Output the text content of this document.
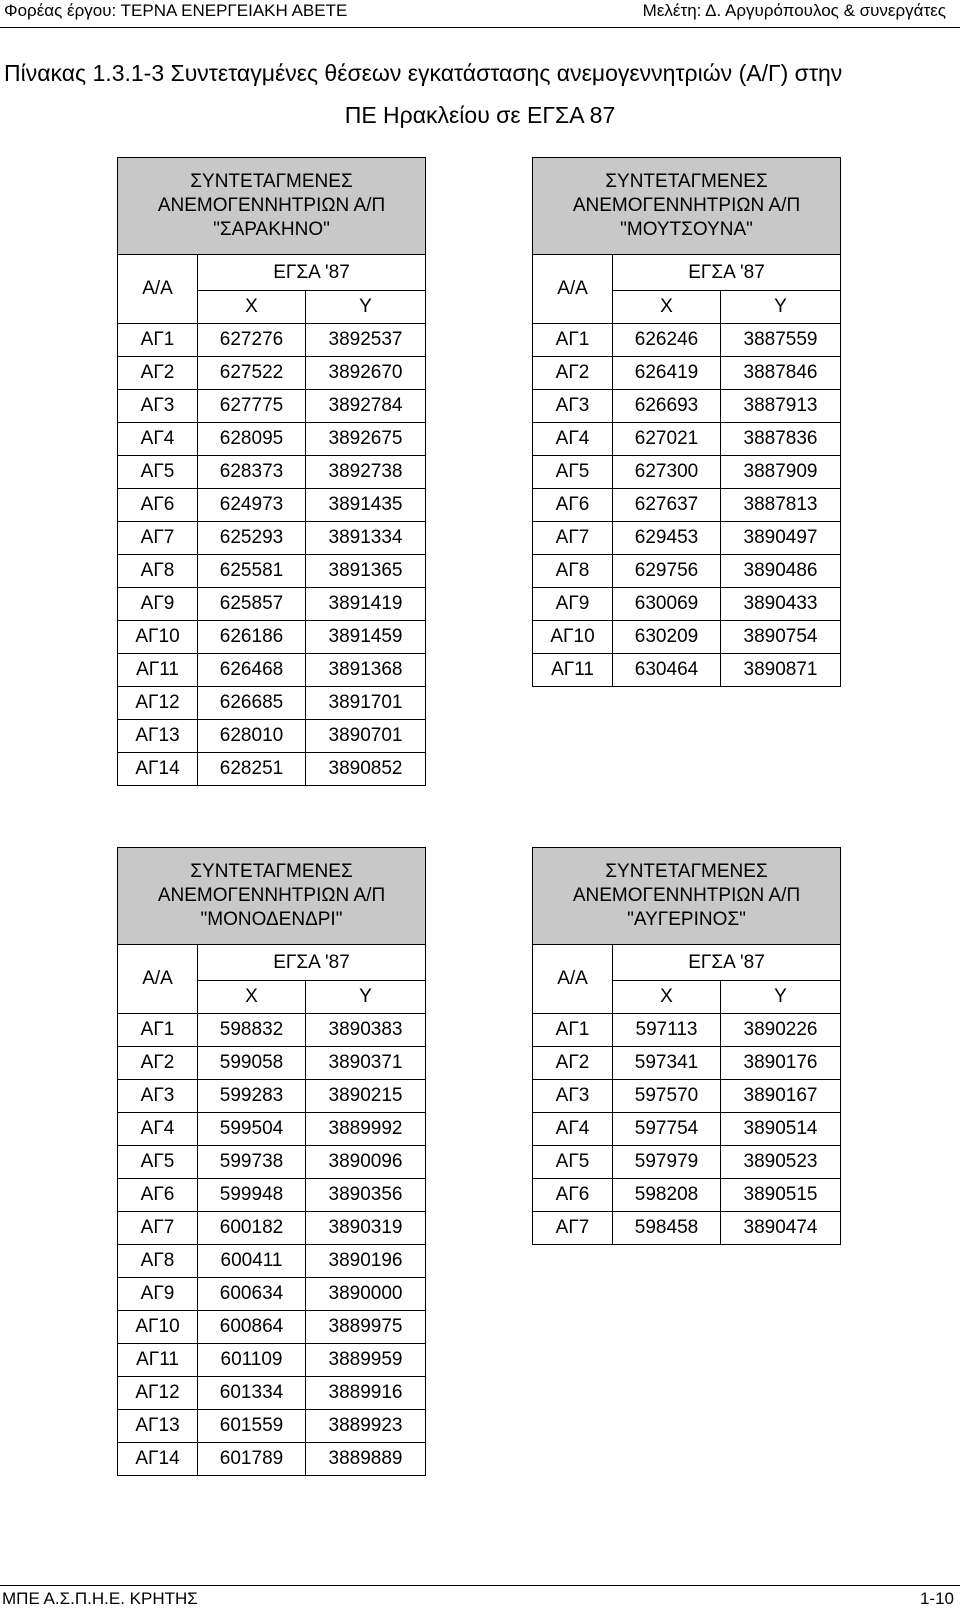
Φορέας έργου: ΤΕΡΝΑ ΕΝΕΡΓΕΙΑΚΗ ΑΒΕΤΕ	Μελέτη: Δ. Αργυρόπουλος & συνεργάτες
Πίνακας 1.3.1-3 Συντεταγμένες θέσεων εγκατάστασης ανεμογεννητριών (Α/Γ) στην
ΠΕ Ηρακλείου σε ΕΓΣΑ 87
ΣΥΝΤΕΤΑΓΜΕΝΕΣ
ΑΝΕΜΟΓΕΝΝΗΤΡΙΩΝ Α/Π
"ΣΑΡΑΚΗΝΟ"		

Α/Α	ΕΓΣΑ '87	
	X	Y
ΑΓ1	627276	3892537
ΑΓ2	627522	3892670
ΑΓ3	627775	3892784
ΑΓ4	628095	3892675
ΑΓ5	628373	3892738
ΑΓ6	624973	3891435
ΑΓ7	625293	3891334
ΑΓ8	625581	3891365
ΑΓ9	625857	3891419
ΑΓ10	626186	3891459
ΑΓ11	626468	3891368
ΑΓ12	626685	3891701
ΑΓ13	628010	3890701
ΑΓ14	628251	3890852
ΣΥΝΤΕΤΑΓΜΕΝΕΣ
ΑΝΕΜΟΓΕΝΝΗΤΡΙΩΝ Α/Π
"ΜΟΥΤΣΟΥΝΑ"		

Α/Α	ΕΓΣΑ '87	
	X	Y
ΑΓ1	626246	3887559
ΑΓ2	626419	3887846
ΑΓ3	626693	3887913
ΑΓ4	627021	3887836
ΑΓ5	627300	3887909
ΑΓ6	627637	3887813
ΑΓ7	629453	3890497
ΑΓ8	629756	3890486
ΑΓ9	630069	3890433
ΑΓ10	630209	3890754
ΑΓ11	630464	3890871
ΣΥΝΤΕΤΑΓΜΕΝΕΣ
ΑΝΕΜΟΓΕΝΝΗΤΡΙΩΝ Α/Π
"ΜΟΝΟΔΕΝΔΡΙ"		

Α/Α	ΕΓΣΑ '87	
	X	Y
ΑΓ1	598832	3890383
ΑΓ2	599058	3890371
ΑΓ3	599283	3890215
ΑΓ4	599504	3889992
ΑΓ5	599738	3890096
ΑΓ6	599948	3890356
ΑΓ7	600182	3890319
ΑΓ8	600411	3890196
ΑΓ9	600634	3890000
ΑΓ10	600864	3889975
ΑΓ11	601109	3889959
ΑΓ12	601334	3889916
ΑΓ13	601559	3889923
ΑΓ14	601789	3889889
ΣΥΝΤΕΤΑΓΜΕΝΕΣ
ΑΝΕΜΟΓΕΝΝΗΤΡΙΩΝ Α/Π
"ΑΥΓΕΡΙΝΟΣ"		

Α/Α	ΕΓΣΑ '87	
	X	Y
ΑΓ1	597113	3890226
ΑΓ2	597341	3890176
ΑΓ3	597570	3890167
ΑΓ4	597754	3890514
ΑΓ5	597979	3890523
ΑΓ6	598208	3890515
ΑΓ7	598458	3890474
ΜΠΕ Α.Σ.Π.Η.Ε. ΚΡΗΤΗΣ	1-10
